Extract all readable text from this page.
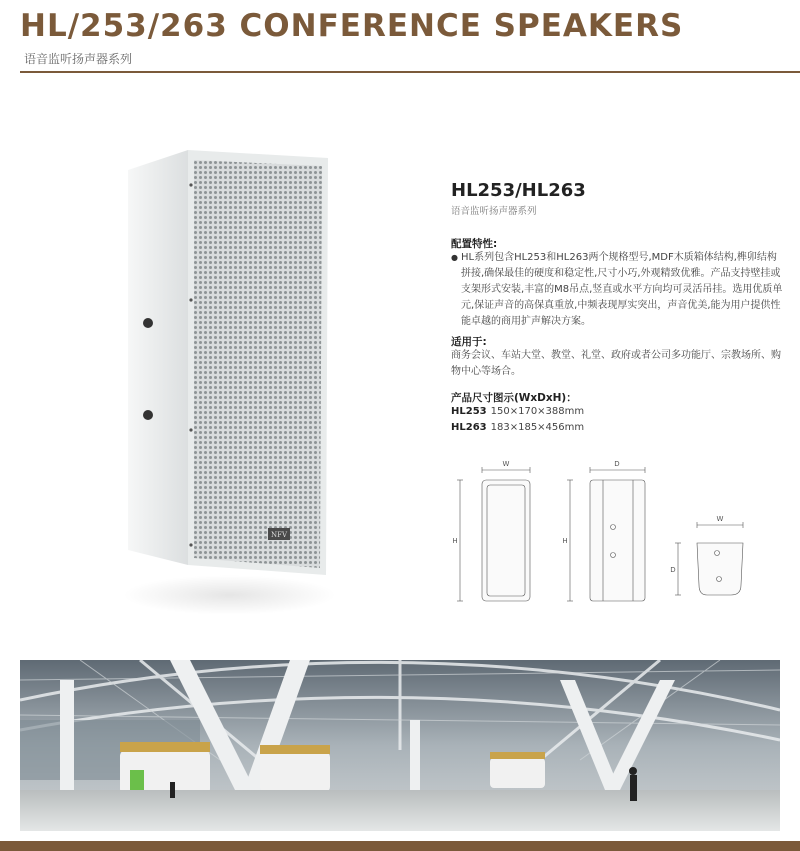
HL/253/263 CONFERENCE SPEAKERS
语音监听扬声器系列
NFV
HL253/HL263
语音监听扬声器系列
配置特性:
● HL系列包含HL253和HL263两个规格型号,MDF木质箱体结构,榫卯结构拼接,确保最佳的硬度和稳定性,尺寸小巧,外观精致优雅。产品支持壁挂或支架形式安装,丰富的M8吊点,竖直或水平方向均可灵活吊挂。选用优质单元,保证声音的高保真重放,中频表现厚实突出，声音优美,能为用户提供性能卓越的商用扩声解决方案。
适用于:
商务会议、车站大堂、教堂、礼堂、政府或者公司多功能厅、宗教场所、购物中心等场合。
产品尺寸图示(WxDxH)：
HL253 150×170×388mm
HL263 183×185×456mm
W
H
D
H
W
D
